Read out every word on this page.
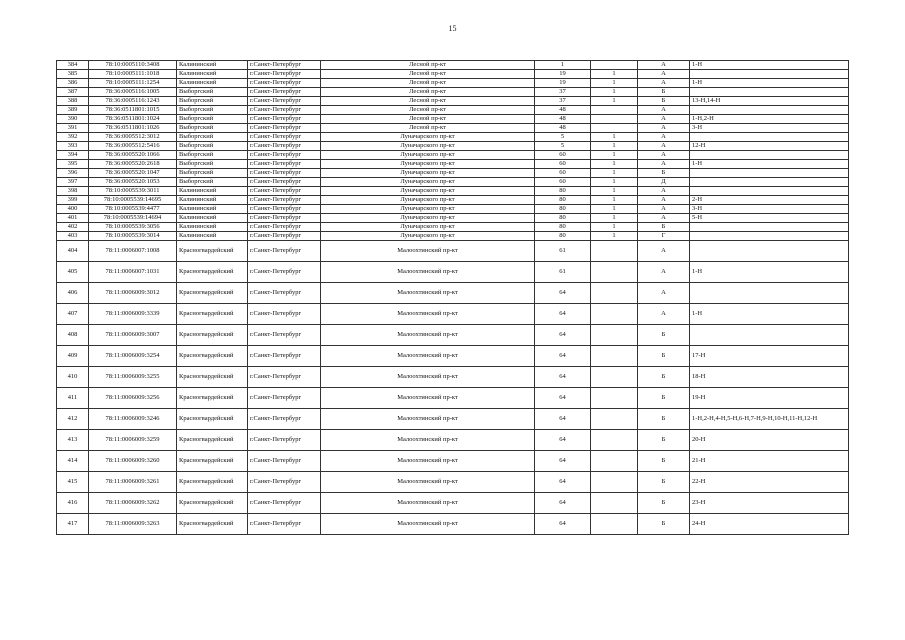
15
384	78:10:0005110:3408	Калининский	г.Санкт-Петербург	Лесной пр-кт	1		А	1-Н
385	78:10:0005111:1018	Калининский	г.Санкт-Петербург	Лесной пр-кт	19	1	А	
386	78:10:0005111:1254	Калининский	г.Санкт-Петербург	Лесной пр-кт	19	1	А	1-Н
387	78:36:0005116:1005	Выборгский	г.Санкт-Петербург	Лесной пр-кт	37	1	Б	
388	78:36:0005116:1243	Выборгский	г.Санкт-Петербург	Лесной пр-кт	37	1	Б	13-Н,14-Н
389	78:36:0511801:1015	Выборгский	г.Санкт-Петербург	Лесной пр-кт	48		А	
390	78:36:0511801:1024	Выборгский	г.Санкт-Петербург	Лесной пр-кт	48		А	1-Н,2-Н
391	78:36:0511801:1026	Выборгский	г.Санкт-Петербург	Лесной пр-кт	48		А	3-Н
392	78:36:0005512:3012	Выборгский	г.Санкт-Петербург	Луначарского пр-кт	5	1	А	
393	78:36:0005512:5416	Выборгский	г.Санкт-Петербург	Луначарского пр-кт	5	1	А	12-Н
394	78:36:0005520:1066	Выборгский	г.Санкт-Петербург	Луначарского пр-кт	60	1	А	
395	78:36:0005520:2618	Выборгский	г.Санкт-Петербург	Луначарского пр-кт	60	1	А	1-Н
396	78:36:0005520:1047	Выборгский	г.Санкт-Петербург	Луначарского пр-кт	60	1	Б	
397	78:36:0005520:1053	Выборгский	г.Санкт-Петербург	Луначарского пр-кт	60	1	Д	
398	78:10:0005539:3011	Калининский	г.Санкт-Петербург	Луначарского пр-кт	80	1	А	
399	78:10:0005539:14695	Калининский	г.Санкт-Петербург	Луначарского пр-кт	80	1	А	2-Н
400	78:10:0005539:4477	Калининский	г.Санкт-Петербург	Луначарского пр-кт	80	1	А	3-Н
401	78:10:0005539:14694	Калининский	г.Санкт-Петербург	Луначарского пр-кт	80	1	А	5-Н
402	78:10:0005539:3056	Калининский	г.Санкт-Петербург	Луначарского пр-кт	80	1	Б	
403	78:10:0005539:3014	Калининский	г.Санкт-Петербург	Луначарского пр-кт	80	1	Г	
404	78:11:0006007:1008	Красногвардейский	г.Санкт-Петербург	Малоохтинский пр-кт	61		А	
405	78:11:0006007:1031	Красногвардейский	г.Санкт-Петербург	Малоохтинский пр-кт	61		А	1-Н
406	78:11:0006009:3012	Красногвардейский	г.Санкт-Петербург	Малоохтинский пр-кт	64		А	
407	78:11:0006009:3339	Красногвардейский	г.Санкт-Петербург	Малоохтинский пр-кт	64		А	1-Н
408	78:11:0006009:3007	Красногвардейский	г.Санкт-Петербург	Малоохтинский пр-кт	64		Б	
409	78:11:0006009:3254	Красногвардейский	г.Санкт-Петербург	Малоохтинский пр-кт	64		Б	17-Н
410	78:11:0006009:3255	Красногвардейский	г.Санкт-Петербург	Малоохтинский пр-кт	64		Б	18-Н
411	78:11:0006009:3256	Красногвардейский	г.Санкт-Петербург	Малоохтинский пр-кт	64		Б	19-Н
412	78:11:0006009:3246	Красногвардейский	г.Санкт-Петербург	Малоохтинский пр-кт	64		Б	1-Н,2-Н,4-Н,5-Н,6-Н,7-Н,9-Н,10-Н,11-Н,12-Н
413	78:11:0006009:3259	Красногвардейский	г.Санкт-Петербург	Малоохтинский пр-кт	64		Б	20-Н
414	78:11:0006009:3260	Красногвардейский	г.Санкт-Петербург	Малоохтинский пр-кт	64		Б	21-Н
415	78:11:0006009:3261	Красногвардейский	г.Санкт-Петербург	Малоохтинский пр-кт	64		Б	22-Н
416	78:11:0006009:3262	Красногвардейский	г.Санкт-Петербург	Малоохтинский пр-кт	64		Б	23-Н
417	78:11:0006009:3263	Красногвардейский	г.Санкт-Петербург	Малоохтинский пр-кт	64		Б	24-Н
